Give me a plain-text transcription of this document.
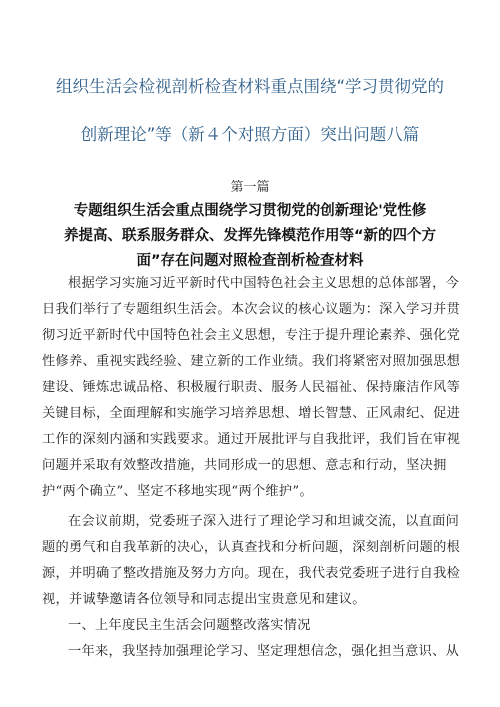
组织生活会检视剖析检查材料重点围绕“学习贯彻党的
创新理论”等（新４个对照方面）突出问题八篇
第一篇
专题组织生活会重点围绕学习贯彻党的创新理论'党性修
养提高、联系服务群众、发挥先锋模范作用等“新的四个方
面”存在问题对照检查剖析检查材料
根据学习实施习近平新时代中国特色社会主义思想的总体部署，今
日我们举行了专题组织生活会。本次会议的核心议题为：深入学习并贯
彻习近平新时代中国特色社会主义思想，专注于提升理论素养、强化党
性修养、重视实践经验、建立新的工作业绩。我们将紧密对照加强思想
建设、锤炼忠诚品格、积极履行职责、服务人民福祉、保持廉洁作风等
关键目标，全面理解和实施学习培养思想、增长智慧、正风肃纪、促进
工作的深刻内涵和实践要求。通过开展批评与自我批评，我们旨在审视
问题并采取有效整改措施，共同形成一的思想、意志和行动，坚决拥
护“两个确立”、坚定不移地实现“两个维护”。
在会议前期，党委班子深入进行了理论学习和坦诚交流，以直面问
题的勇气和自我革新的决心，认真查找和分析问题，深刻剖析问题的根
源，并明确了整改措施及努力方向。现在，我代表党委班子进行自我检
视，并诚挚邀请各位领导和同志提出宝贵意见和建议。
一、上年度民主生活会问题整改落实情况
一年来，我坚持加强理论学习、坚定理想信念，强化担当意识、从
